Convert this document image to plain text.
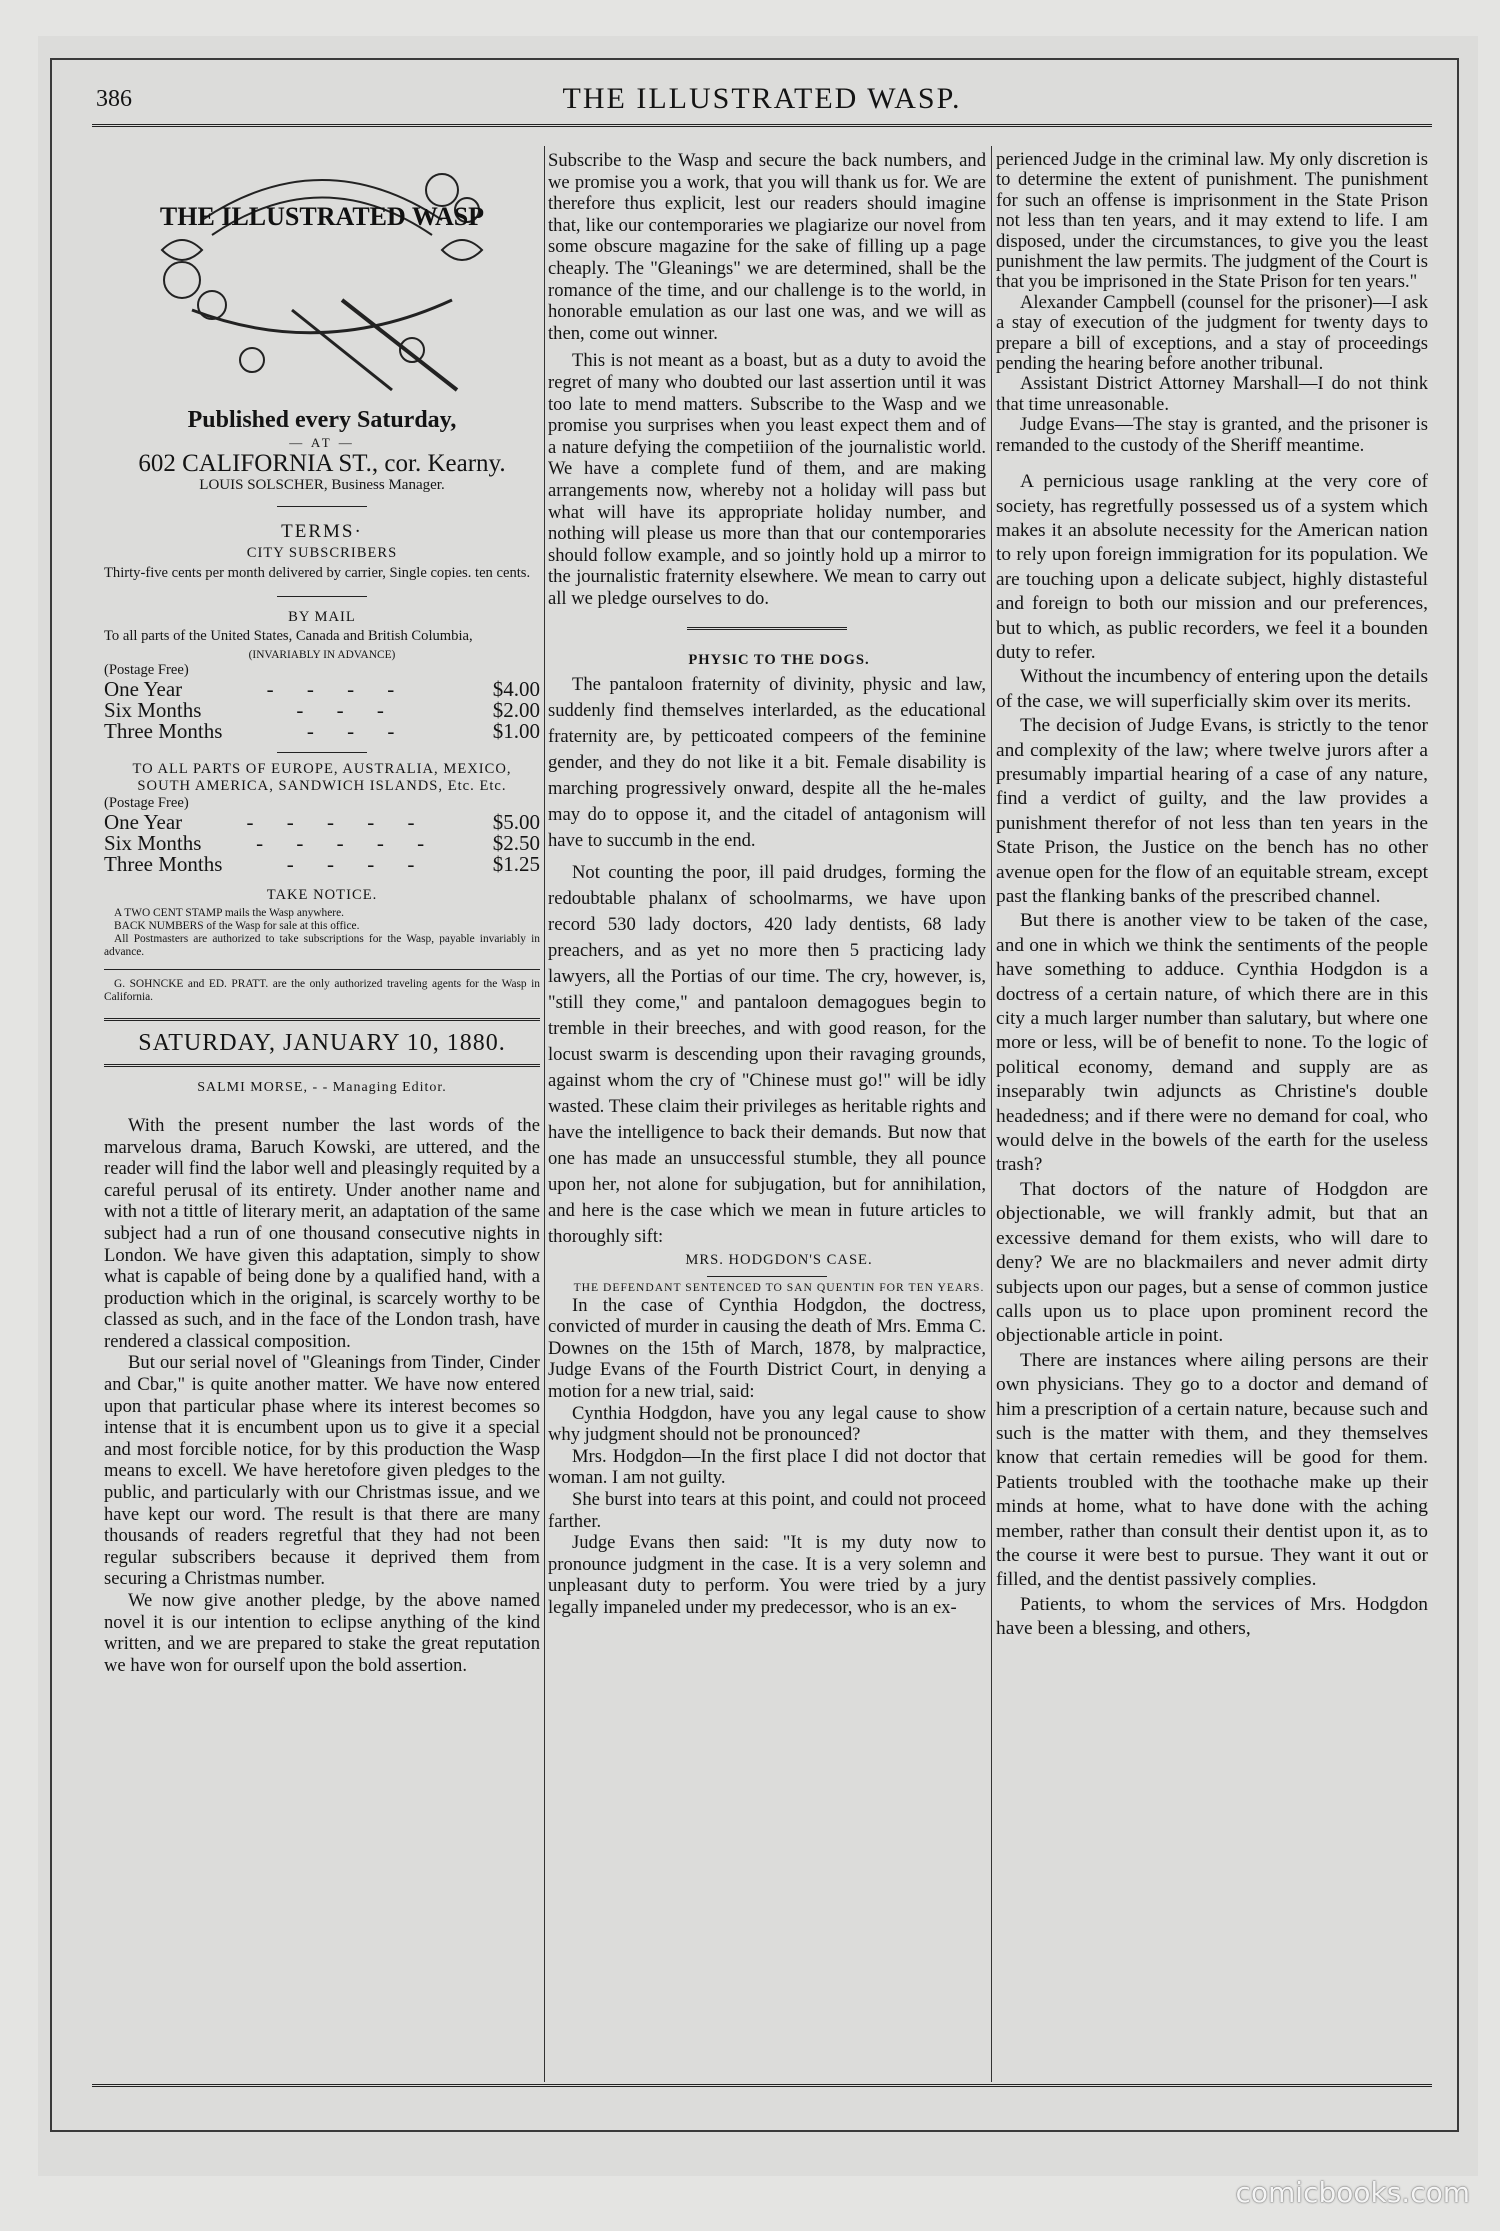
386	THE ILLUSTRATED WASP.
THE ILLUSTRATED WASP

Published every Saturday,

— AT —

602 CALIFORNIA ST., cor. Kearny.

LOUIS SOLSCHER, Business Manager.

TERMS·

CITY SUBSCRIBERS

Thirty-five cents per month delivered by carrier, Single copies. ten cents.

BY MAIL

To all parts of the United States, Canada and British Columbia,

(INVARIABLY IN ADVANCE)

(Postage Free)

One Year	- - - -	$4.00
Six Months	- - -	$2.00
Three Months	- - -	$1.00

TO ALL PARTS OF EUROPE, AUSTRALIA, MEXICO, SOUTH AMERICA, SANDWICH ISLANDS, Etc. Etc.

(Postage Free)

One Year	- - - - -	$5.00
Six Months	- - - - -	$2.50
Three Months	- - - -	$1.25

TAKE NOTICE.

A TWO CENT STAMP mails the Wasp anywhere.

BACK NUMBERS of the Wasp for sale at this office.

All Postmasters are authorized to take subscriptions for the Wasp, payable invariably in advance.

G. SOHNCKE and ED. PRATT. are the only authorized traveling agents for the Wasp in California.

SATURDAY, JANUARY 10, 1880.
SALMI MORSE, - - Managing Editor.

With the present number the last words of the marvelous drama, Baruch Kowski, are uttered, and the reader will find the labor well and pleasingly requited by a careful perusal of its entirety. Under another name and with not a tittle of literary merit, an adaptation of the same subject had a run of one thousand consecutive nights in London. We have given this adaptation, simply to show what is capable of being done by a qualified hand, with a production which in the original, is scarcely worthy to be classed as such, and in the face of the London trash, have rendered a classical composition.

But our serial novel of "Gleanings from Tinder, Cinder and Cbar," is quite another matter. We have now entered upon that particular phase where its interest becomes so intense that it is encumbent upon us to give it a special and most forcible notice, for by this production the Wasp means to excell. We have heretofore given pledges to the public, and particularly with our Christmas issue, and we have kept our word. The result is that there are many thousands of readers regretful that they had not been regular subscribers because it deprived them from securing a Christmas number.

We now give another pledge, by the above named novel it is our intention to eclipse anything of the kind written, and we are prepared to stake the great reputation we have won for ourself upon the bold assertion.

Subscribe to the Wasp and secure the back numbers, and we promise you a work, that you will thank us for. We are therefore thus explicit, lest our readers should imagine that, like our contemporaries we plagiarize our novel from some obscure magazine for the sake of filling up a page cheaply. The "Gleanings" we are determined, shall be the romance of the time, and our challenge is to the world, in honorable emulation as our last one was, and we will as then, come out winner.

This is not meant as a boast, but as a duty to avoid the regret of many who doubted our last assertion until it was too late to mend matters. Subscribe to the Wasp and we promise you surprises when you least expect them and of a nature defying the competiiion of the journalistic world. We have a complete fund of them, and are making arrangements now, whereby not a holiday will pass but what will have its appropriate holiday number, and nothing will please us more than that our contemporaries should follow example, and so jointly hold up a mirror to the journalistic fraternity elsewhere. We mean to carry out all we pledge ourselves to do.

PHYSIC TO THE DOGS.

The pantaloon fraternity of divinity, physic and law, suddenly find themselves interlarded, as the educational fraternity are, by petticoated compeers of the feminine gender, and they do not like it a bit. Female disability is marching progressively onward, despite all the he-males may do to oppose it, and the citadel of antagonism will have to succumb in the end.

Not counting the poor, ill paid drudges, forming the redoubtable phalanx of schoolmarms, we have upon record 530 lady doctors, 420 lady dentists, 68 lady preachers, and as yet no more then 5 practicing lady lawyers, all the Portias of our time. The cry, however, is, "still they come," and pantaloon demagogues begin to tremble in their breeches, and with good reason, for the locust swarm is descending upon their ravaging grounds, against whom the cry of "Chinese must go!" will be idly wasted. These claim their privileges as heritable rights and have the intelligence to back their demands. But now that one has made an unsuccessful stumble, they all pounce upon her, not alone for subjugation, but for annihilation, and here is the case which we mean in future articles to thoroughly sift:

MRS. HODGDON'S CASE.

THE DEFENDANT SENTENCED TO SAN QUENTIN FOR TEN YEARS.

In the case of Cynthia Hodgdon, the doctress, convicted of murder in causing the death of Mrs. Emma C. Downes on the 15th of March, 1878, by malpractice, Judge Evans of the Fourth District Court, in denying a motion for a new trial, said:

Cynthia Hodgdon, have you any legal cause to show why judgment should not be pronounced?

Mrs. Hodgdon—In the first place I did not doctor that woman. I am not guilty.

She burst into tears at this point, and could not proceed farther.

Judge Evans then said: "It is my duty now to pronounce judgment in the case. It is a very solemn and unpleasant duty to perform. You were tried by a jury legally impaneled under my predecessor, who is an ex-

perienced Judge in the criminal law. My only discretion is to determine the extent of punishment. The punishment for such an offense is imprisonment in the State Prison not less than ten years, and it may extend to life. I am disposed, under the circumstances, to give you the least punishment the law permits. The judgment of the Court is that you be imprisoned in the State Prison for ten years."

Alexander Campbell (counsel for the prisoner)—I ask a stay of execution of the judgment for twenty days to prepare a bill of exceptions, and a stay of proceedings pending the hearing before another tribunal.

Assistant District Attorney Marshall—I do not think that time unreasonable.

Judge Evans—The stay is granted, and the prisoner is remanded to the custody of the Sheriff meantime.

A pernicious usage rankling at the very core of society, has regretfully possessed us of a system which makes it an absolute necessity for the American nation to rely upon foreign immigration for its population. We are touching upon a delicate subject, highly distasteful and foreign to both our mission and our preferences, but to which, as public recorders, we feel it a bounden duty to refer.

Without the incumbency of entering upon the details of the case, we will superficially skim over its merits.

The decision of Judge Evans, is strictly to the tenor and complexity of the law; where twelve jurors after a presumably impartial hearing of a case of any nature, find a verdict of guilty, and the law provides a punishment therefor of not less than ten years in the State Prison, the Justice on the bench has no other avenue open for the flow of an equitable stream, except past the flanking banks of the prescribed channel.

But there is another view to be taken of the case, and one in which we think the sentiments of the people have something to adduce. Cynthia Hodgdon is a doctress of a certain nature, of which there are in this city a much larger number than salutary, but where one more or less, will be of benefit to none. To the logic of political economy, demand and supply are as inseparably twin adjuncts as Christine's double headedness; and if there were no demand for coal, who would delve in the bowels of the earth for the useless trash?

That doctors of the nature of Hodgdon are objectionable, we will frankly admit, but that an excessive demand for them exists, who will dare to deny? We are no blackmailers and never admit dirty subjects upon our pages, but a sense of common justice calls upon us to place upon prominent record the objectionable article in point.

There are instances where ailing persons are their own physicians. They go to a doctor and demand of him a prescription of a certain nature, because such and such is the matter with them, and they themselves know that certain remedies will be good for them. Patients troubled with the toothache make up their minds at home, what to have done with the aching member, rather than consult their dentist upon it, as to the course it were best to pursue. They want it out or filled, and the dentist passively complies.

Patients, to whom the services of Mrs. Hodgdon have been a blessing, and others,

comicbooks.com
